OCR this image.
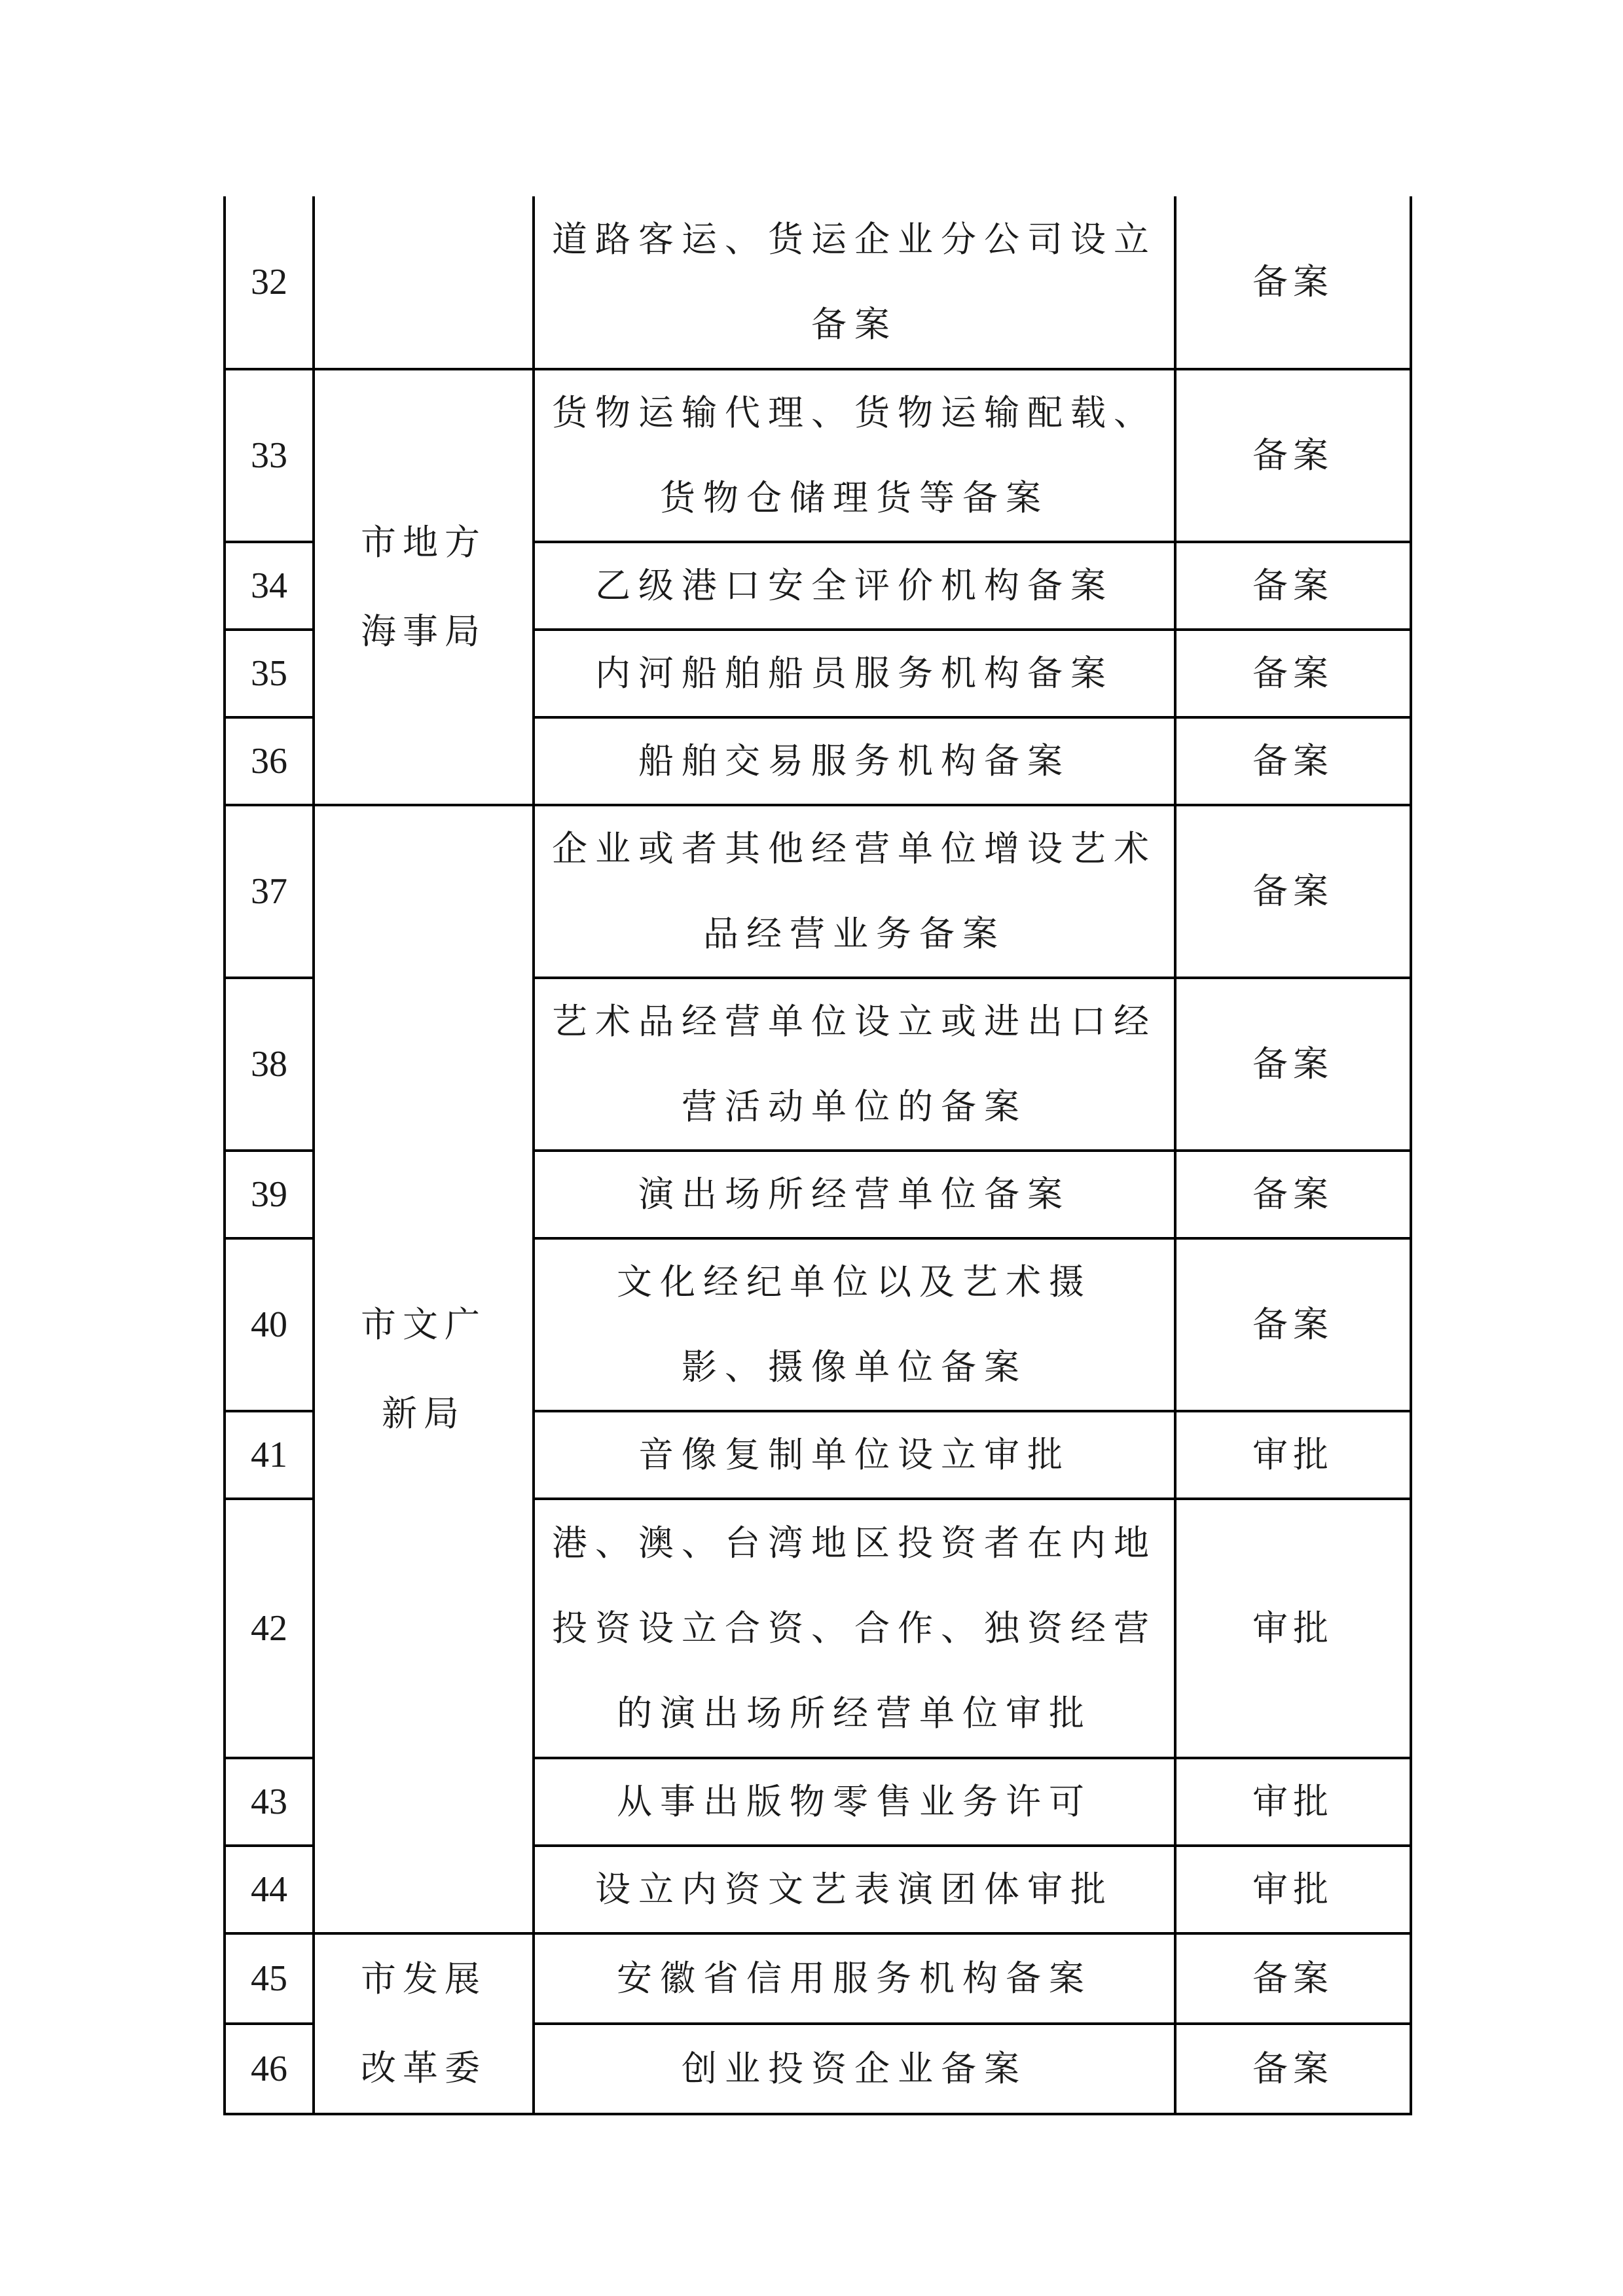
32		道路客运、货运企业分公司设立备案	备案
33	市地方海事局	货物运输代理、货物运输配载、货物仓储理货等备案	备案
34		乙级港口安全评价机构备案	备案
35		内河船舶船员服务机构备案	备案
36		船舶交易服务机构备案	备案
37	市文广新局	企业或者其他经营单位增设艺术品经营业务备案	备案
38		艺术品经营单位设立或进出口经营活动单位的备案	备案
39		演出场所经营单位备案	备案
40		文化经纪单位以及艺术摄影、摄像单位备案	备案
41		音像复制单位设立审批	审批
42		港、澳、台湾地区投资者在内地投资设立合资、合作、独资经营的演出场所经营单位审批	审批
43		从事出版物零售业务许可	审批
44		设立内资文艺表演团体审批	审批
45	市发展改革委	安徽省信用服务机构备案	备案
46		创业投资企业备案	备案
